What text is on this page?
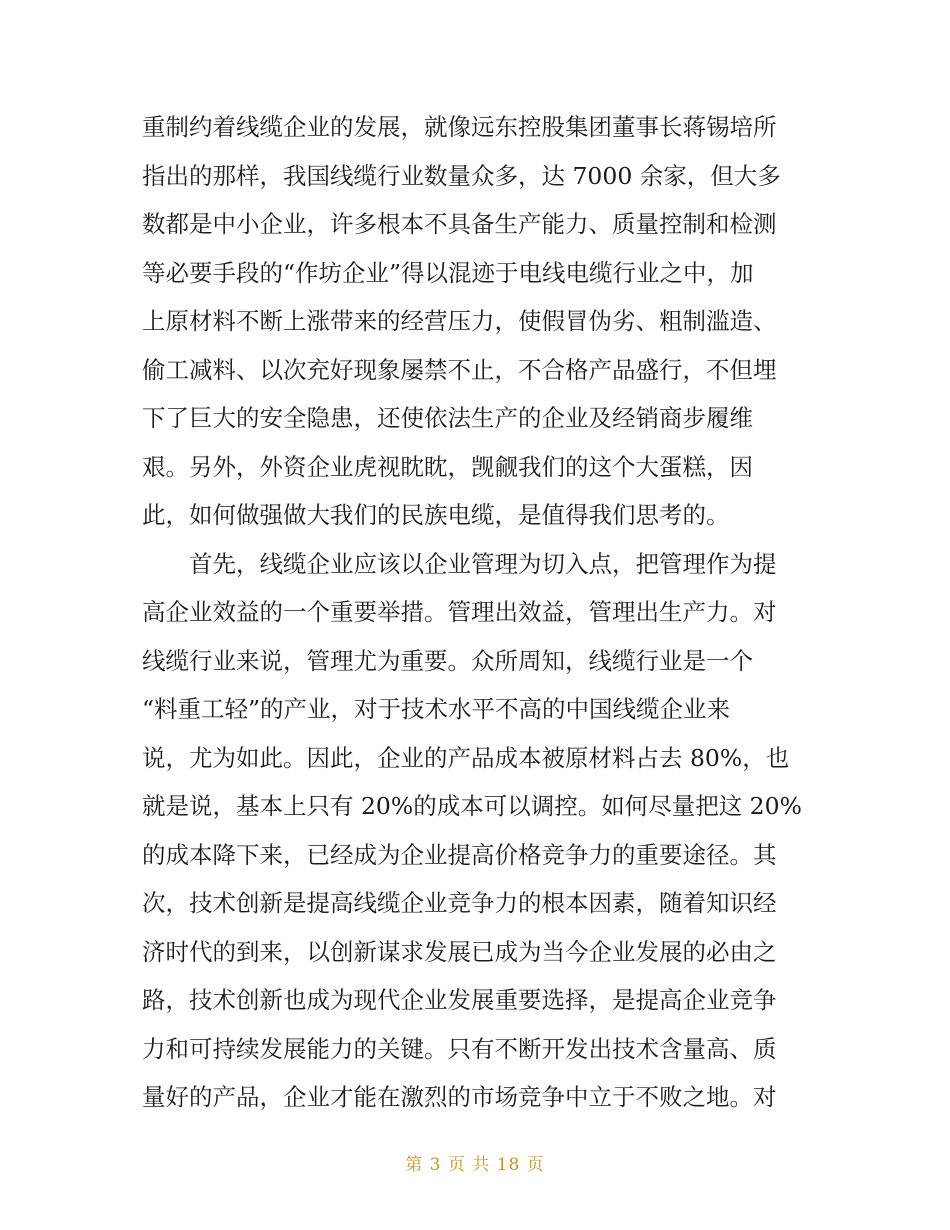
重制约着线缆企业的发展，就像远东控股集团董事长蒋锡培所
指出的那样，我国线缆行业数量众多，达 7000 余家，但大多
数都是中小企业，许多根本不具备生产能力、质量控制和检测
等必要手段的“作坊企业”得以混迹于电线电缆行业之中，加
上原材料不断上涨带来的经营压力，使假冒伪劣、粗制滥造、
偷工减料、以次充好现象屡禁不止，不合格产品盛行，不但埋
下了巨大的安全隐患，还使依法生产的企业及经销商步履维
艰。另外，外资企业虎视眈眈，觊觎我们的这个大蛋糕，因
此，如何做强做大我们的民族电缆，是值得我们思考的。
　　首先，线缆企业应该以企业管理为切入点，把管理作为提
高企业效益的一个重要举措。管理出效益，管理出生产力。对
线缆行业来说，管理尤为重要。众所周知，线缆行业是一个
“料重工轻”的产业，对于技术水平不高的中国线缆企业来
说，尤为如此。因此，企业的产品成本被原材料占去 80%，也
就是说，基本上只有 20%的成本可以调控。如何尽量把这 20%
的成本降下来，已经成为企业提高价格竞争力的重要途径。其
次，技术创新是提高线缆企业竞争力的根本因素，随着知识经
济时代的到来，以创新谋求发展已成为当今企业发展的必由之
路，技术创新也成为现代企业发展重要选择，是提高企业竞争
力和可持续发展能力的关键。只有不断开发出技术含量高、质
量好的产品，企业才能在激烈的市场竞争中立于不败之地。对
第 3 页 共 18 页
